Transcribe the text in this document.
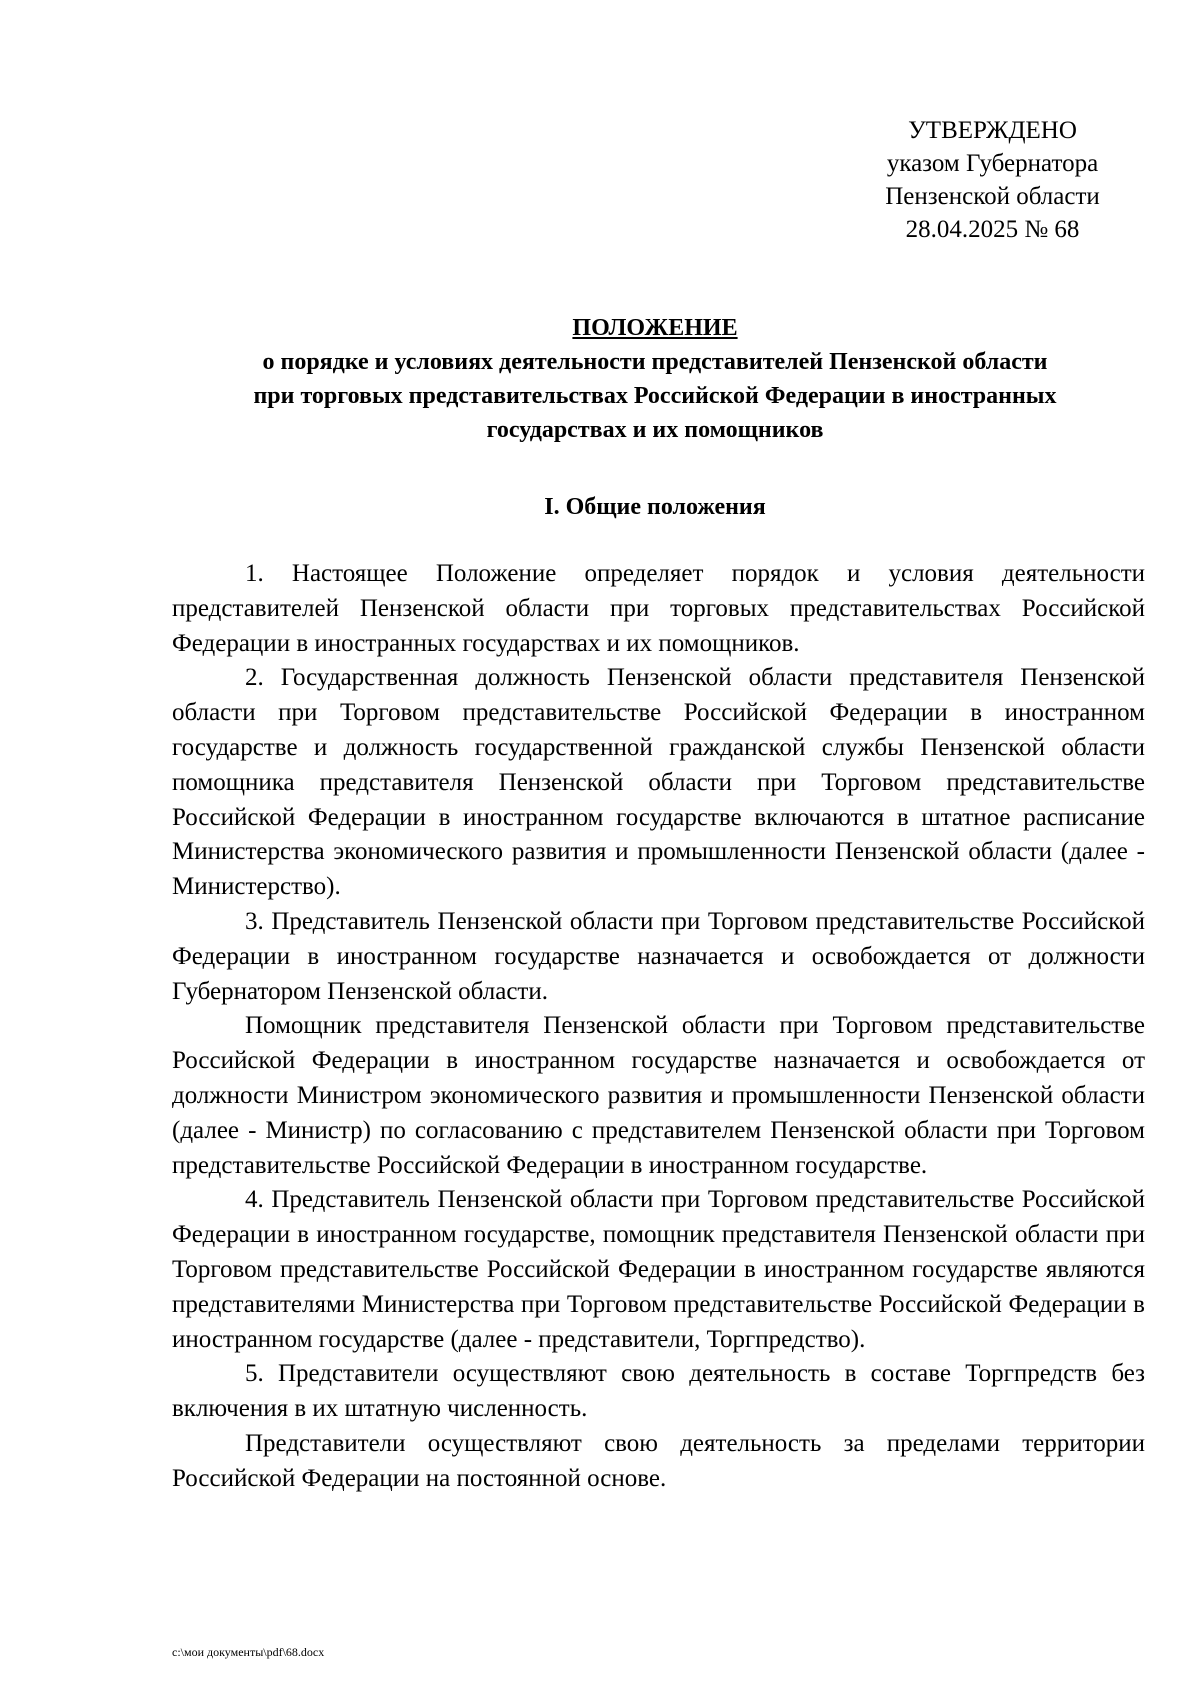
УТВЕРЖДЕНО
указом Губернатора
Пензенской области
28.04.2025 № 68
ПОЛОЖЕНИЕ
о порядке и условиях деятельности представителей Пензенской области
при торговых представительствах Российской Федерации в иностранных
государствах и их помощников
I. Общие положения

1. Настоящее Положение определяет порядок и условия деятельности представителей Пензенской области при торговых представительствах Российской Федерации в иностранных государствах и их помощников.

2. Государственная должность Пензенской области представителя Пензенской области при Торговом представительстве Российской Федерации в иностранном государстве и должность государственной гражданской службы Пензенской области помощника представителя Пензенской области при Торговом представительстве Российской Федерации в иностранном государстве включаются в штатное расписание Министерства экономического развития и промышленности Пензенской области (далее - Министерство).

3. Представитель Пензенской области при Торговом представительстве Российской Федерации в иностранном государстве назначается и освобождается от должности Губернатором Пензенской области.

Помощник представителя Пензенской области при Торговом представительстве Российской Федерации в иностранном государстве назначается и освобождается от должности Министром экономического развития и промышленности Пензенской области (далее - Министр) по согласованию с представителем Пензенской области при Торговом представительстве Российской Федерации в иностранном государстве.

4. Представитель Пензенской области при Торговом представительстве Российской Федерации в иностранном государстве, помощник представителя Пензенской области при Торговом представительстве Российской Федерации в иностранном государстве являются представителями Министерства при Торговом представительстве Российской Федерации в иностранном государстве (далее - представители, Торгпредство).

5. Представители осуществляют свою деятельность в составе Торгпредств без включения в их штатную численность.

Представители осуществляют свою деятельность за пределами территории Российской Федерации на постоянной основе.

c:\мои документы\pdf\68.docx
